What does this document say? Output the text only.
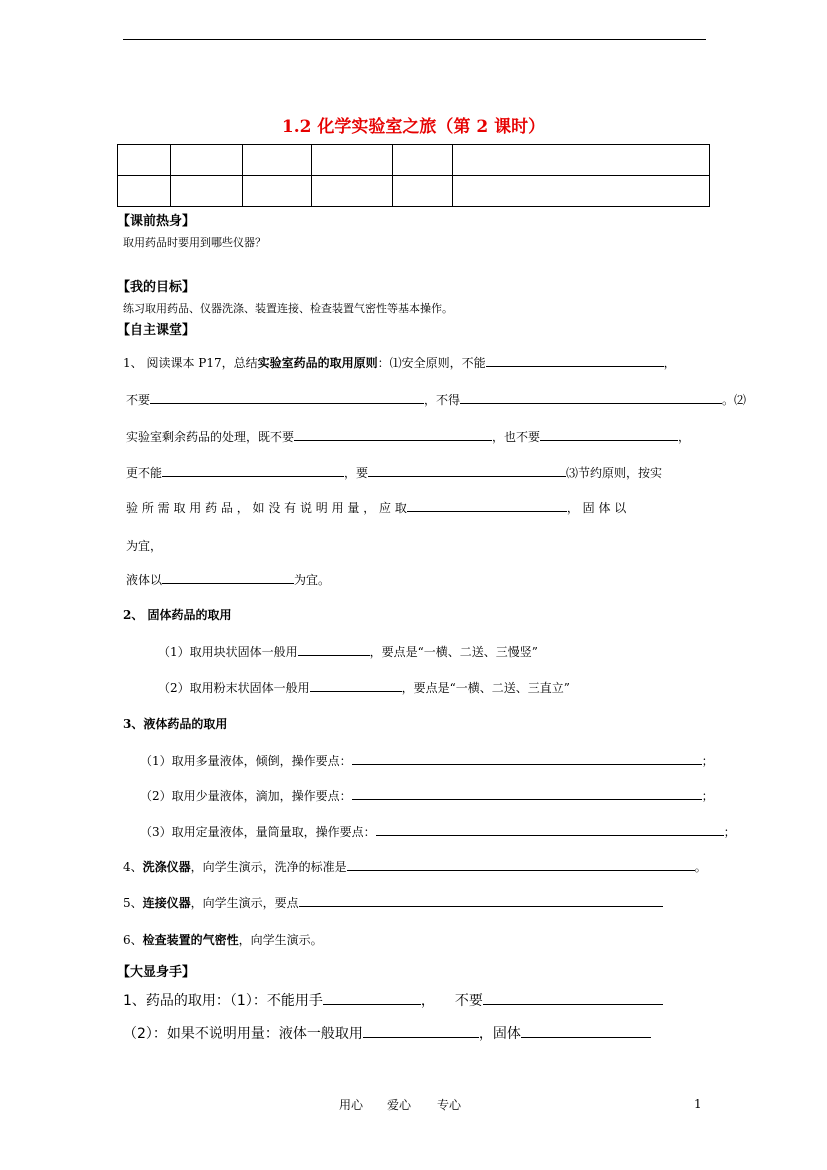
1.2 化学实验室之旅（第 2 课时）

【课前热身】
取用药品时要用到哪些仪器？
【我的目标】
练习取用药品、仪器洗涤、装置连接、检查装置气密性等基本操作。
【自主课堂】
1、 阅读课本 P17，总结实验室药品的取用原则：⑴安全原则，不能	，
不要	，不得	。⑵
实验室剩余药品的处理，既不要	，也不要	，
更不能	，要	⑶节约原则，按实
验 所 需 取 用 药 品 ， 如 没 有 说 明 用 量 ， 应 取	， 固 体 以
为宜，
液体以	为宜。
2、 固体药品的取用
（1）取用块状固体一般用	，要点是“一横、二送、三慢竖”
（2）取用粉末状固体一般用	，要点是“一横、二送、三直立”
3、液体药品的取用
（1）取用多量液体，倾倒，操作要点：	；
（2）取用少量液体，滴加，操作要点：	；
（3）取用定量液体，量筒量取，操作要点：	；
4、洗涤仪器，向学生演示，洗净的标准是	。
5、连接仪器，向学生演示，要点
6、检查装置的气密性，向学生演示。
【大显身手】
1、药品的取用：（1）：不能用手	， 不要
（2）：如果不说明用量：液体一般取用	，固体
用心 爱心 专心	1
